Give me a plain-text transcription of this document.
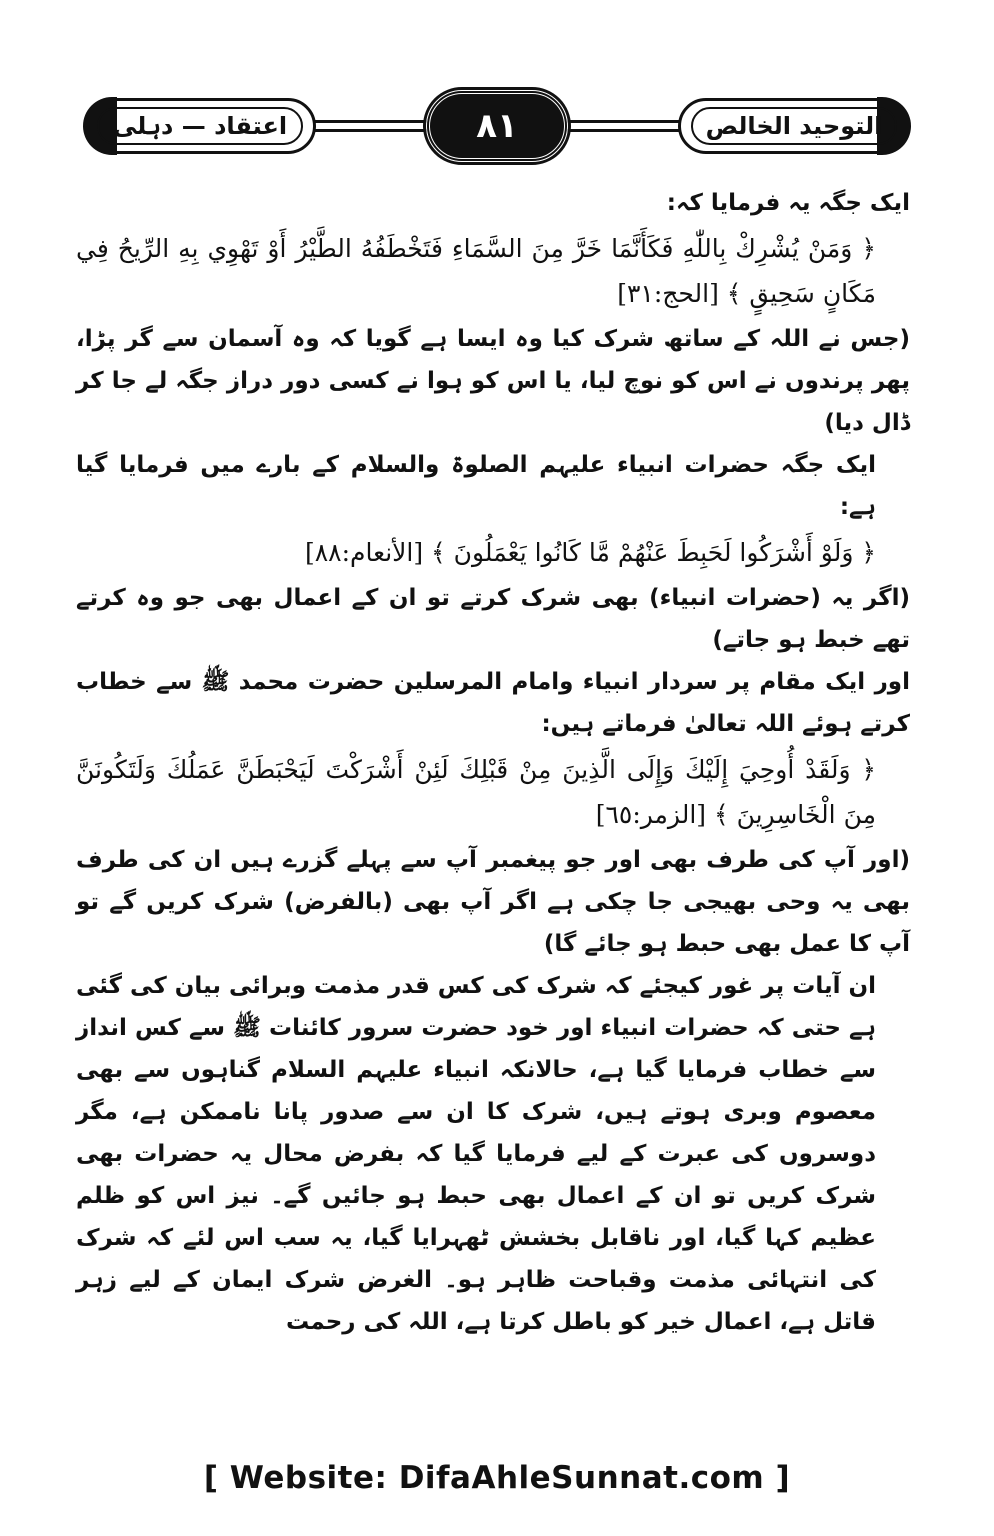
اعتقاد — دہلی	٨١	التوحید الخالص

ایک جگہ یہ فرمایا کہ:

﴿ وَمَنْ يُشْرِكْ بِاللّٰهِ فَكَأَنَّمَا خَرَّ مِنَ السَّمَاءِ فَتَخْطَفُهُ الطَّيْرُ أَوْ تَهْوِي بِهِ الرِّيحُ فِي مَكَانٍ سَحِيقٍ ﴾ [الحج:٣١]

(جس نے اللہ کے ساتھ شرک کیا وہ ایسا ہے گویا کہ وہ آسمان سے گر پڑا، پھر پرندوں نے اس کو نوچ لیا، یا اس کو ہوا نے کسی دور دراز جگہ لے جا کر ڈال دیا)

ایک جگہ حضرات انبیاء علیہم الصلوۃ والسلام کے بارے میں فرمایا گیا ہے:

﴿ وَلَوْ أَشْرَكُوا لَحَبِطَ عَنْهُمْ مَّا كَانُوا يَعْمَلُونَ ﴾ [الأنعام:٨٨]

(اگر یہ (حضرات انبیاء) بھی شرک کرتے تو ان کے اعمال بھی جو وہ کرتے تھے خبط ہو جاتے)

اور ایک مقام پر سردار انبیاء وامام المرسلین حضرت محمد ﷺ سے خطاب کرتے ہوئے اللہ تعالیٰ فرماتے ہیں:

﴿ وَلَقَدْ أُوحِيَ إِلَيْكَ وَإِلَى الَّذِينَ مِنْ قَبْلِكَ لَئِنْ أَشْرَكْتَ لَيَحْبَطَنَّ عَمَلُكَ وَلَتَكُونَنَّ مِنَ الْخَاسِرِينَ ﴾ [الزمر:٦٥]

(اور آپ کی طرف بھی اور جو پیغمبر آپ سے پہلے گزرے ہیں ان کی طرف بھی یہ وحی بھیجی جا چکی ہے اگر آپ بھی (بالفرض) شرک کریں گے تو آپ کا عمل بھی حبط ہو جائے گا)

ان آیات پر غور کیجئے کہ شرک کی کس قدر مذمت وبرائی بیان کی گئی ہے حتی کہ حضرات انبیاء اور خود حضرت سرور کائنات ﷺ سے کس انداز سے خطاب فرمایا گیا ہے، حالانکہ انبیاء علیہم السلام گناہوں سے بھی معصوم وبری ہوتے ہیں، شرک کا ان سے صدور پانا ناممکن ہے، مگر دوسروں کی عبرت کے لیے فرمایا گیا کہ بفرض محال یہ حضرات بھی شرک کریں تو ان کے اعمال بھی حبط ہو جائیں گے۔ نیز اس کو ظلم عظیم کہا گیا، اور ناقابل بخشش ٹھہرایا گیا، یہ سب اس لئے کہ شرک کی انتہائی مذمت وقباحت ظاہر ہو۔ الغرض شرک ایمان کے لیے زہر قاتل ہے، اعمال خیر کو باطل کرتا ہے، اللہ کی رحمت

[ Website: DifaAhleSunnat.com ]
